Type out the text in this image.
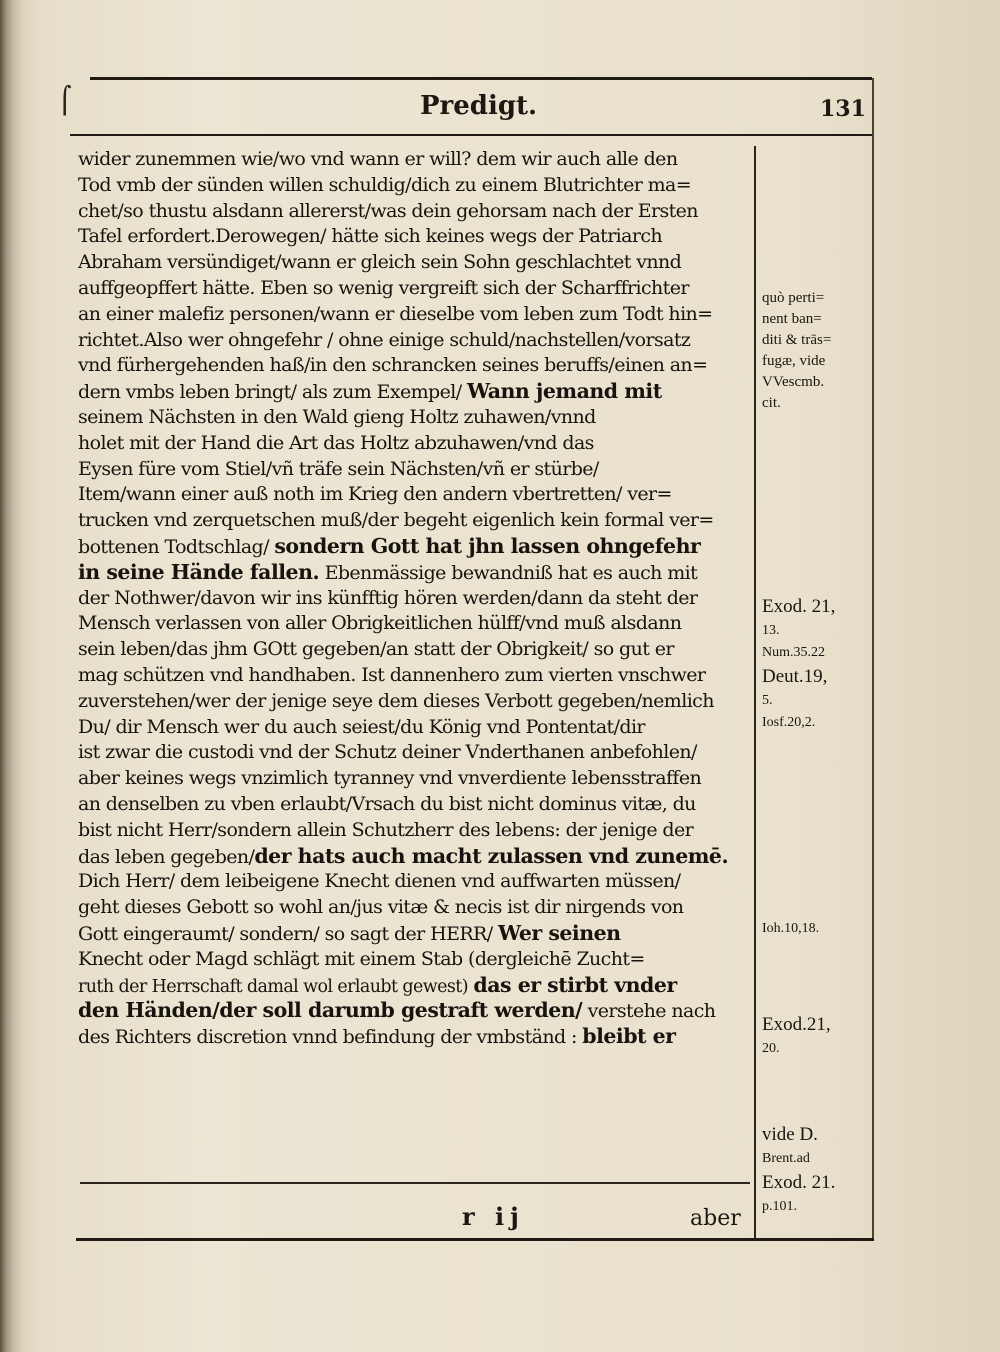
⌠	Predigt.	131
wider zunemmen wie/wo vnd wann er will? dem wir auch alle den
Tod vmb der sünden willen schuldig/dich zu einem Blutrichter ma=
chet/so thustu alsdann allererst/was dein gehorsam nach der Ersten
Tafel erfordert.Derowegen/ hätte sich keines wegs der Patriarch
Abraham versündiget/wann er gleich sein Sohn geschlachtet vnnd
auffgeopffert hätte. Eben so wenig vergreift sich der Scharffrichter
an einer malefiz personen/wann er dieselbe vom leben zum Todt hin=
richtet.Also wer ohngefehr / ohne einige schuld/nachstellen/vorsatz
vnd fürhergehenden haß/in den schrancken seines beruffs/einen an=
dern vmbs leben bringt/ als zum Exempel/ Wann jemand mit
seinem Nächsten in den Wald gieng Holtz zuhawen/vnnd
holet mit der Hand die Art das Holtz abzuhawen/vnd das
Eysen füre vom Stiel/vñ träfe sein Nächsten/vñ er stürbe/
Item/wann einer auß noth im Krieg den andern vbertretten/ ver=
trucken vnd zerquetschen muß/der begeht eigenlich kein formal ver=
bottenen Todtschlag/ sondern Gott hat jhn lassen ohngefehr
in seine Hände fallen. Ebenmässige bewandniß hat es auch mit
der Nothwer/davon wir ins künfftig hören werden/dann da steht der
Mensch verlassen von aller Obrigkeitlichen hülff/vnd muß alsdann
sein leben/das jhm GOtt gegeben/an statt der Obrigkeit/ so gut er
mag schützen vnd handhaben. Ist dannenhero zum vierten vnschwer
zuverstehen/wer der jenige seye dem dieses Verbott gegeben/nemlich
Du/ dir Mensch wer du auch seiest/du König vnd Pontentat/dir
ist zwar die custodi vnd der Schutz deiner Vnderthanen anbefohlen/
aber keines wegs vnzimlich tyranney vnd vnverdiente lebensstraffen
an denselben zu vben erlaubt/Vrsach du bist nicht dominus vitæ, du
bist nicht Herr/sondern allein Schutzherr des lebens: der jenige der
das leben gegeben/der hats auch macht zulassen vnd zunemē.
Dich Herr/ dem leibeigene Knecht dienen vnd auffwarten müssen/
geht dieses Gebott so wohl an/jus vitæ & necis ist dir nirgends von
Gott eingeraumt/ sondern/ so sagt der HERR/ Wer seinen
Knecht oder Magd schlägt mit einem Stab (dergleichē Zucht=
ruth der Herrschaft damal wol erlaubt gewest) das er stirbt vnder
den Händen/der soll darumb gestraft werden/ verstehe nach
des Richters discretion vnnd befindung der vmbständ : bleibt er
r ij	aber
quò perti=
nent ban=
diti & trās=
fugæ, vide
VVescmb.
cit.
Exod. 21,
13.
Num.35.22
Deut.19,
5.
Iosf.20,2.
Ioh.10,18.
Exod.21,
20.
vide D.
Brent.ad
Exod. 21.
p.101.
